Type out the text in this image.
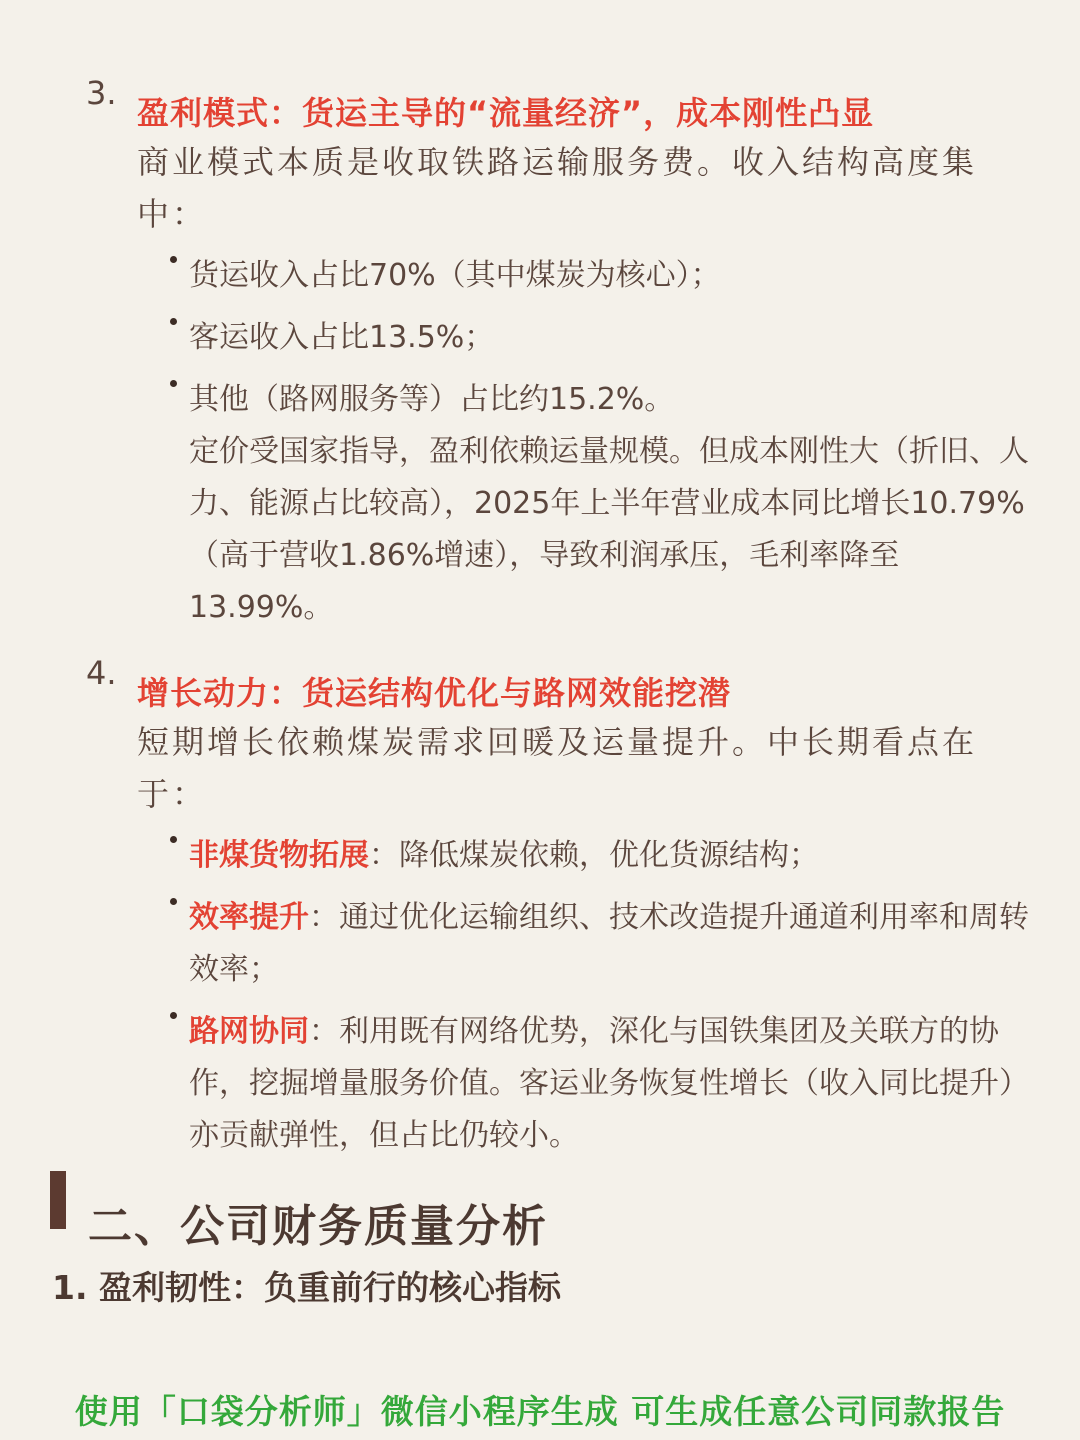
3.
盈利模式：货运主导的“流量经济”，成本刚性凸显
商业模式本质是收取铁路运输服务费。收入结构高度集中：
货运收入占比70%（其中煤炭为核心）；
客运收入占比13.5%；
其他（路网服务等）占比约15.2%。
定价受国家指导，盈利依赖运量规模。但成本刚性大（折旧、人力、能源占比较高），2025年上半年营业成本同比增长10.79%（高于营收1.86%增速），导致利润承压，毛利率降至13.99%。
4.
增长动力：货运结构优化与路网效能挖潜
短期增长依赖煤炭需求回暖及运量提升。中长期看点在于：
非煤货物拓展：降低煤炭依赖，优化货源结构；
效率提升：通过优化运输组织、技术改造提升通道利用率和周转效率；
路网协同：利用既有网络优势，深化与国铁集团及关联方的协作，挖掘增量服务价值。客运业务恢复性增长（收入同比提升）亦贡献弹性，但占比仍较小。
二、公司财务质量分析
1. 盈利韧性：负重前行的核心指标
使用「口袋分析师」微信小程序生成 可生成任意公司同款报告
